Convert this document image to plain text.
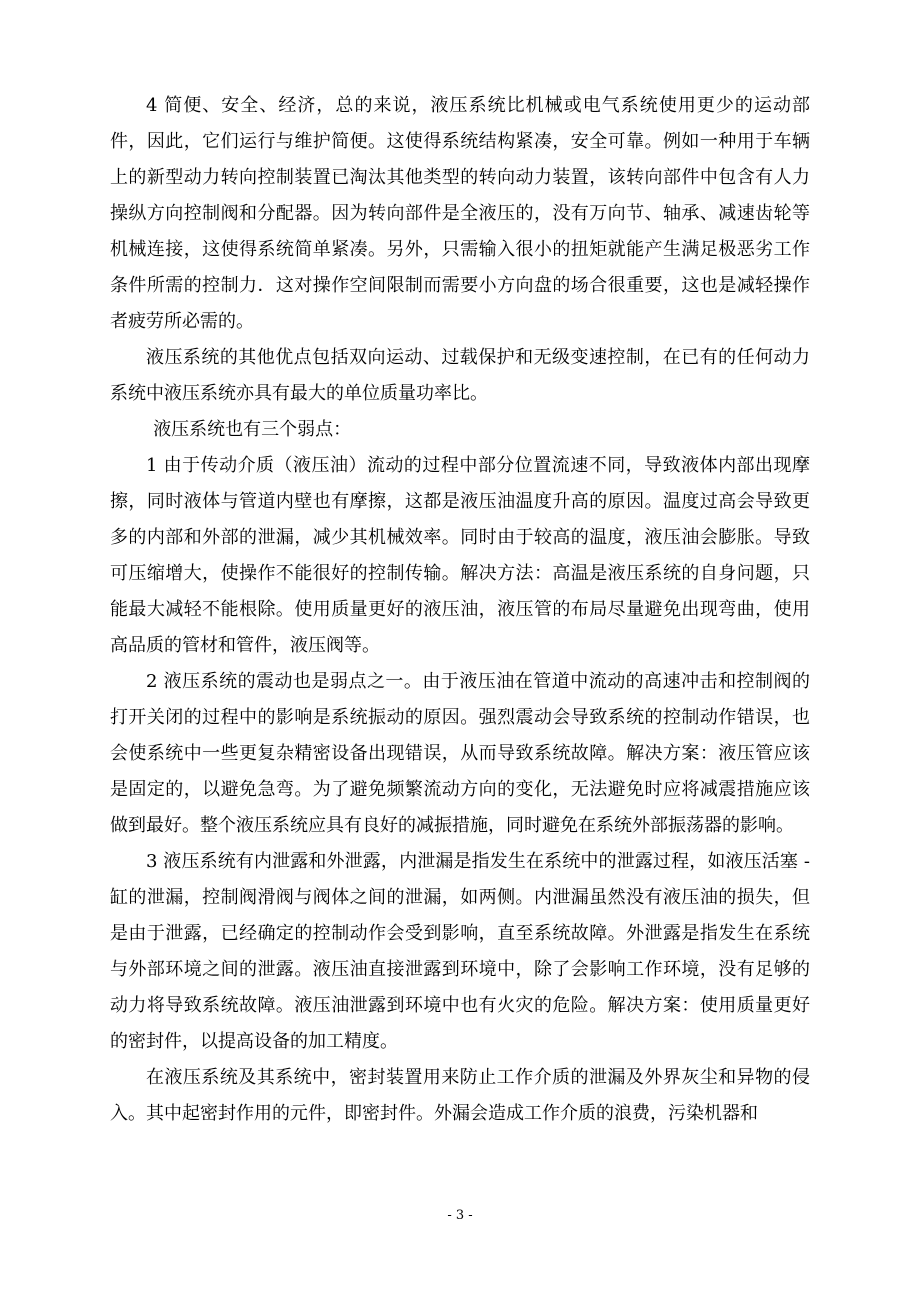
4 简便、安全、经济，总的来说，液压系统比机械或电气系统使用更少的运动部件，因此，它们运行与维护简便。这使得系统结构紧凑，安全可靠。例如一种用于车辆上的新型动力转向控制装置已淘汰其他类型的转向动力装置，该转向部件中包含有人力操纵方向控制阀和分配器。因为转向部件是全液压的，没有万向节、轴承、减速齿轮等机械连接，这使得系统简单紧凑。另外，只需输入很小的扭矩就能产生满足极恶劣工作条件所需的控制力．这对操作空间限制而需要小方向盘的场合很重要，这也是减轻操作者疲劳所必需的。

液压系统的其他优点包括双向运动、过载保护和无级变速控制，在已有的任何动力系统中液压系统亦具有最大的单位质量功率比。

液压系统也有三个弱点：

1 由于传动介质（液压油）流动的过程中部分位置流速不同，导致液体内部出现摩擦，同时液体与管道内壁也有摩擦，这都是液压油温度升高的原因。温度过高会导致更多的内部和外部的泄漏，减少其机械效率。同时由于较高的温度，液压油会膨胀。导致可压缩增大，使操作不能很好的控制传输。解决方法：高温是液压系统的自身问题，只能最大减轻不能根除。使用质量更好的液压油，液压管的布局尽量避免出现弯曲，使用高品质的管材和管件，液压阀等。

2 液压系统的震动也是弱点之一。由于液压油在管道中流动的高速冲击和控制阀的打开关闭的过程中的影响是系统振动的原因。强烈震动会导致系统的控制动作错误，也会使系统中一些更复杂精密设备出现错误，从而导致系统故障。解决方案：液压管应该是固定的，以避免急弯。为了避免频繁流动方向的变化，无法避免时应将减震措施应该做到最好。整个液压系统应具有良好的减振措施，同时避免在系统外部振荡器的影响。

3 液压系统有内泄露和外泄露，内泄漏是指发生在系统中的泄露过程，如液压活塞 - 缸的泄漏，控制阀滑阀与阀体之间的泄漏，如两侧。内泄漏虽然没有液压油的损失，但是由于泄露，已经确定的控制动作会受到影响，直至系统故障。外泄露是指发生在系统与外部环境之间的泄露。液压油直接泄露到环境中，除了会影响工作环境，没有足够的动力将导致系统故障。液压油泄露到环境中也有火灾的危险。解决方案：使用质量更好的密封件，以提高设备的加工精度。

在液压系统及其系统中，密封装置用来防止工作介质的泄漏及外界灰尘和异物的侵入。其中起密封作用的元件，即密封件。外漏会造成工作介质的浪费，污染机器和

- 3 -
